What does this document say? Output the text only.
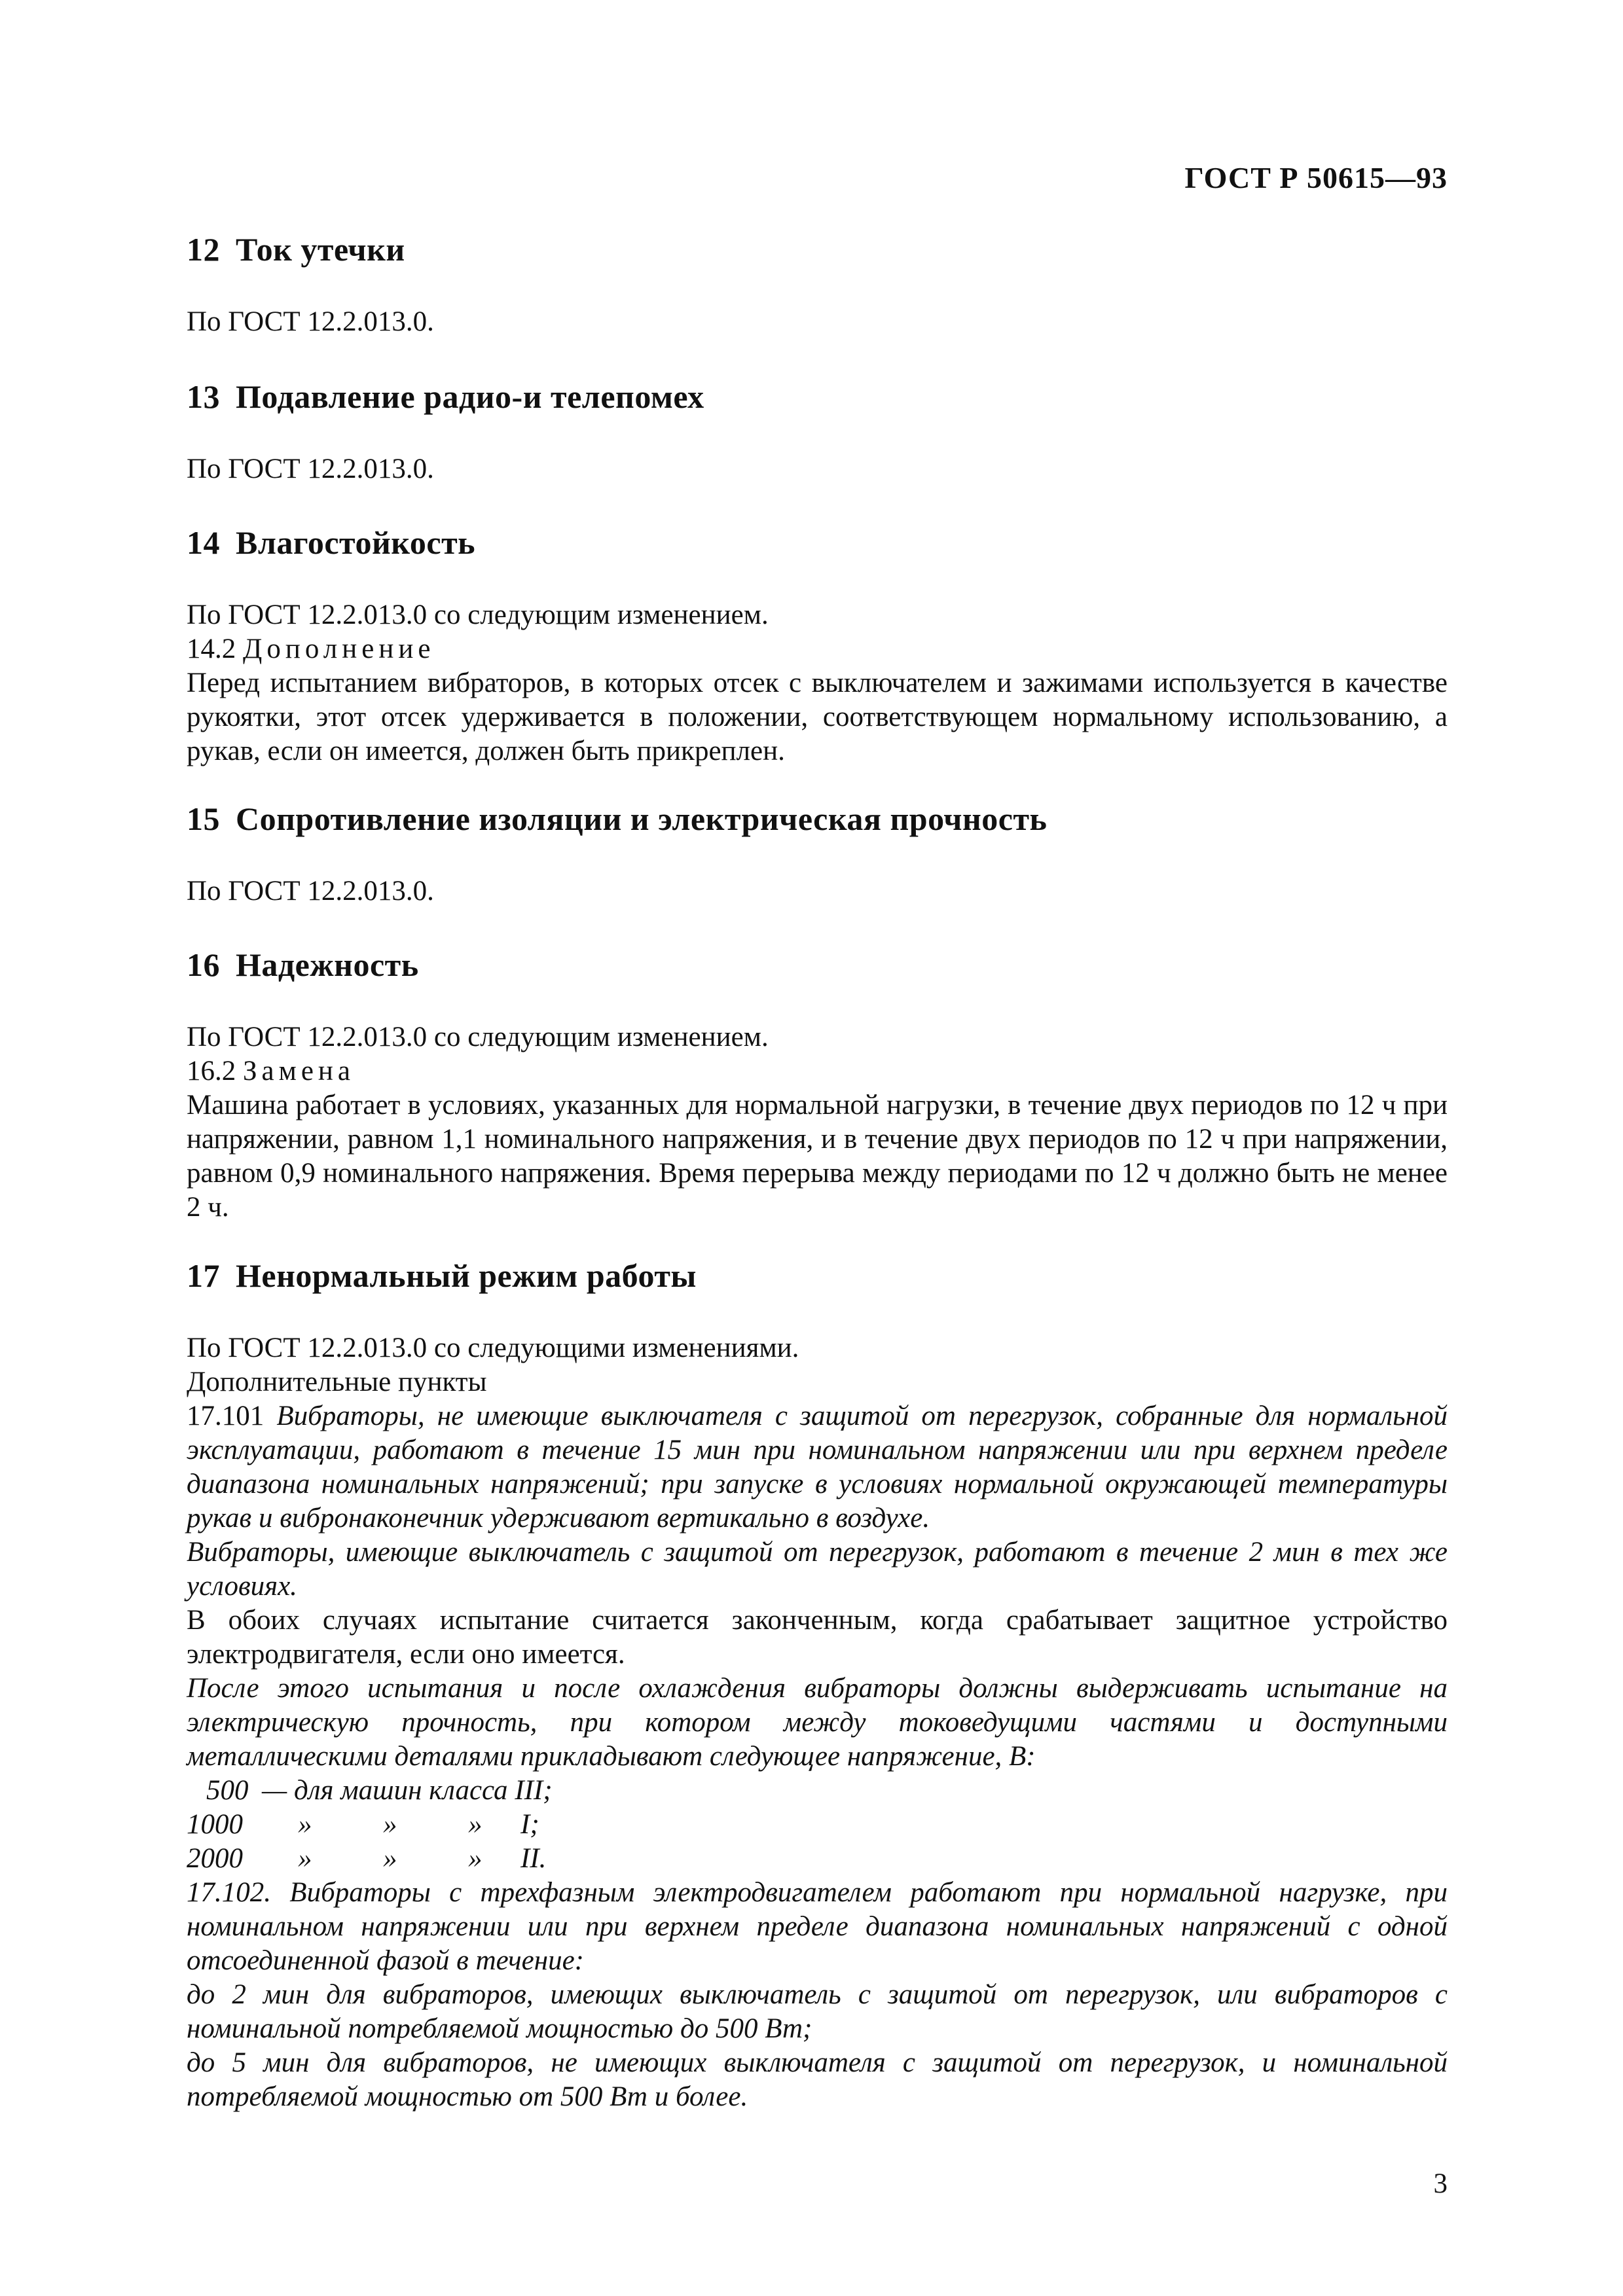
ГОСТ Р 50615—93
12 Ток утечки
По ГОСТ 12.2.013.0.
13 Подавление радио-и телепомех
По ГОСТ 12.2.013.0.
14 Влагостойкость
По ГОСТ 12.2.013.0 со следующим изменением.
14.2 Дополнение
Перед испытанием вибраторов, в которых отсек с выключателем и зажимами используется в качестве рукоятки, этот отсек удерживается в положении, соответствующем нормальному использованию, а рукав, если он имеется, должен быть прикреплен.
15 Сопротивление изоляции и электрическая прочность
По ГОСТ 12.2.013.0.
16 Надежность
По ГОСТ 12.2.013.0 со следующим изменением.
16.2 Замена
Машина работает в условиях, указанных для нормальной нагрузки, в течение двух периодов по 12 ч при напряжении, равном 1,1 номинального напряжения, и в течение двух периодов по 12 ч при напряжении, равном 0,9 номинального напряжения. Время перерыва между периодами по 12 ч должно быть не менее 2 ч.
17 Ненормальный режим работы
По ГОСТ 12.2.013.0 со следующими изменениями.
Дополнительные пункты
17.101 Вибраторы, не имеющие выключателя с защитой от перегрузок, собранные для нормальной эксплуатации, работают в течение 15 мин при номинальном напряжении или при верхнем пределе диапазона номинальных напряжений; при запуске в условиях нормальной окружающей температуры рукав и вибронаконечник удерживают вертикально в воздухе.
Вибраторы, имеющие выключатель с защитой от перегрузок, работают в течение 2 мин в тех же условиях.
В обоих случаях испытание считается законченным, когда срабатывает защитное устройство электродвигателя, если оно имеется.
После этого испытания и после охлаждения вибраторы должны выдерживать испытание на электрическую прочность, при котором между токоведущими частями и доступными металлическими деталями прикладывают следующее напряжение, В:
500 — для машин класса III;
1000 »	»	» I;
2000 »	»	» II.
17.102. Вибраторы с трехфазным электродвигателем работают при нормальной нагрузке, при номинальном напряжении или при верхнем пределе диапазона номинальных напряжений с одной отсоединенной фазой в течение:
до 2 мин для вибраторов, имеющих выключатель с защитой от перегрузок, или вибраторов с номинальной потребляемой мощностью до 500 Вт;
до 5 мин для вибраторов, не имеющих выключателя с защитой от перегрузок, и номинальной потребляемой мощностью от 500 Вт и более.
3
